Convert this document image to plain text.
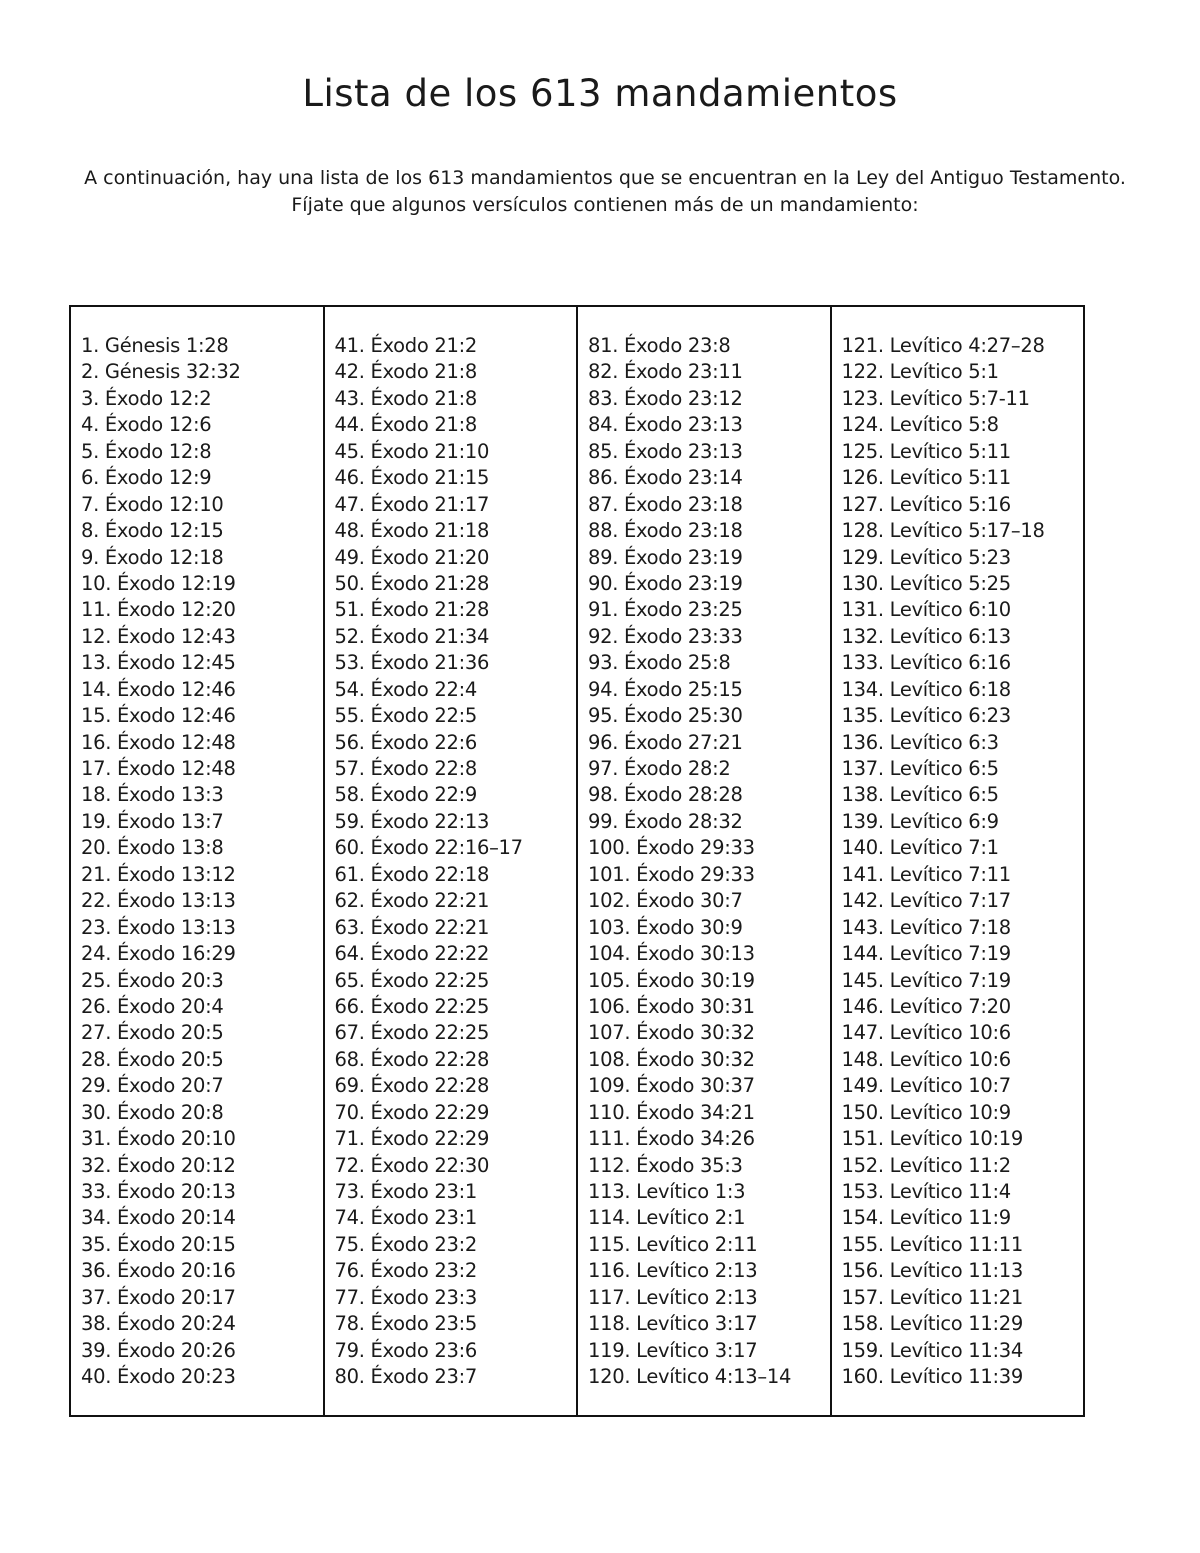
Lista de los 613 mandamientos

A continuación, hay una lista de los 613 mandamientos que se encuentran en la Ley del Antiguo Testamento. Fíjate que algunos versículos contienen más de un mandamiento:

1. Génesis 1:28
2. Génesis 32:32
3. Éxodo 12:2
4. Éxodo 12:6
5. Éxodo 12:8
6. Éxodo 12:9
7. Éxodo 12:10
8. Éxodo 12:15
9. Éxodo 12:18
10. Éxodo 12:19
11. Éxodo 12:20
12. Éxodo 12:43
13. Éxodo 12:45
14. Éxodo 12:46
15. Éxodo 12:46
16. Éxodo 12:48
17. Éxodo 12:48
18. Éxodo 13:3
19. Éxodo 13:7
20. Éxodo 13:8
21. Éxodo 13:12
22. Éxodo 13:13
23. Éxodo 13:13
24. Éxodo 16:29
25. Éxodo 20:3
26. Éxodo 20:4
27. Éxodo 20:5
28. Éxodo 20:5
29. Éxodo 20:7
30. Éxodo 20:8
31. Éxodo 20:10
32. Éxodo 20:12
33. Éxodo 20:13
34. Éxodo 20:14
35. Éxodo 20:15
36. Éxodo 20:16
37. Éxodo 20:17
38. Éxodo 20:24
39. Éxodo 20:26
40. Éxodo 20:23
41. Éxodo 21:2
42. Éxodo 21:8
43. Éxodo 21:8
44. Éxodo 21:8
45. Éxodo 21:10
46. Éxodo 21:15
47. Éxodo 21:17
48. Éxodo 21:18
49. Éxodo 21:20
50. Éxodo 21:28
51. Éxodo 21:28
52. Éxodo 21:34
53. Éxodo 21:36
54. Éxodo 22:4
55. Éxodo 22:5
56. Éxodo 22:6
57. Éxodo 22:8
58. Éxodo 22:9
59. Éxodo 22:13
60. Éxodo 22:16–17
61. Éxodo 22:18
62. Éxodo 22:21
63. Éxodo 22:21
64. Éxodo 22:22
65. Éxodo 22:25
66. Éxodo 22:25
67. Éxodo 22:25
68. Éxodo 22:28
69. Éxodo 22:28
70. Éxodo 22:29
71. Éxodo 22:29
72. Éxodo 22:30
73. Éxodo 23:1
74. Éxodo 23:1
75. Éxodo 23:2
76. Éxodo 23:2
77. Éxodo 23:3
78. Éxodo 23:5
79. Éxodo 23:6
80. Éxodo 23:7
81. Éxodo 23:8
82. Éxodo 23:11
83. Éxodo 23:12
84. Éxodo 23:13
85. Éxodo 23:13
86. Éxodo 23:14
87. Éxodo 23:18
88. Éxodo 23:18
89. Éxodo 23:19
90. Éxodo 23:19
91. Éxodo 23:25
92. Éxodo 23:33
93. Éxodo 25:8
94. Éxodo 25:15
95. Éxodo 25:30
96. Éxodo 27:21
97. Éxodo 28:2
98. Éxodo 28:28
99. Éxodo 28:32
100. Éxodo 29:33
101. Éxodo 29:33
102. Éxodo 30:7
103. Éxodo 30:9
104. Éxodo 30:13
105. Éxodo 30:19
106. Éxodo 30:31
107. Éxodo 30:32
108. Éxodo 30:32
109. Éxodo 30:37
110. Éxodo 34:21
111. Éxodo 34:26
112. Éxodo 35:3
113. Levítico 1:3
114. Levítico 2:1
115. Levítico 2:11
116. Levítico 2:13
117. Levítico 2:13
118. Levítico 3:17
119. Levítico 3:17
120. Levítico 4:13–14
121. Levítico 4:27–28
122. Levítico 5:1
123. Levítico 5:7-11
124. Levítico 5:8
125. Levítico 5:11
126. Levítico 5:11
127. Levítico 5:16
128. Levítico 5:17–18
129. Levítico 5:23
130. Levítico 5:25
131. Levítico 6:10
132. Levítico 6:13
133. Levítico 6:16
134. Levítico 6:18
135. Levítico 6:23
136. Levítico 6:3
137. Levítico 6:5
138. Levítico 6:5
139. Levítico 6:9
140. Levítico 7:1
141. Levítico 7:11
142. Levítico 7:17
143. Levítico 7:18
144. Levítico 7:19
145. Levítico 7:19
146. Levítico 7:20
147. Levítico 10:6
148. Levítico 10:6
149. Levítico 10:7
150. Levítico 10:9
151. Levítico 10:19
152. Levítico 11:2
153. Levítico 11:4
154. Levítico 11:9
155. Levítico 11:11
156. Levítico 11:13
157. Levítico 11:21
158. Levítico 11:29
159. Levítico 11:34
160. Levítico 11:39
